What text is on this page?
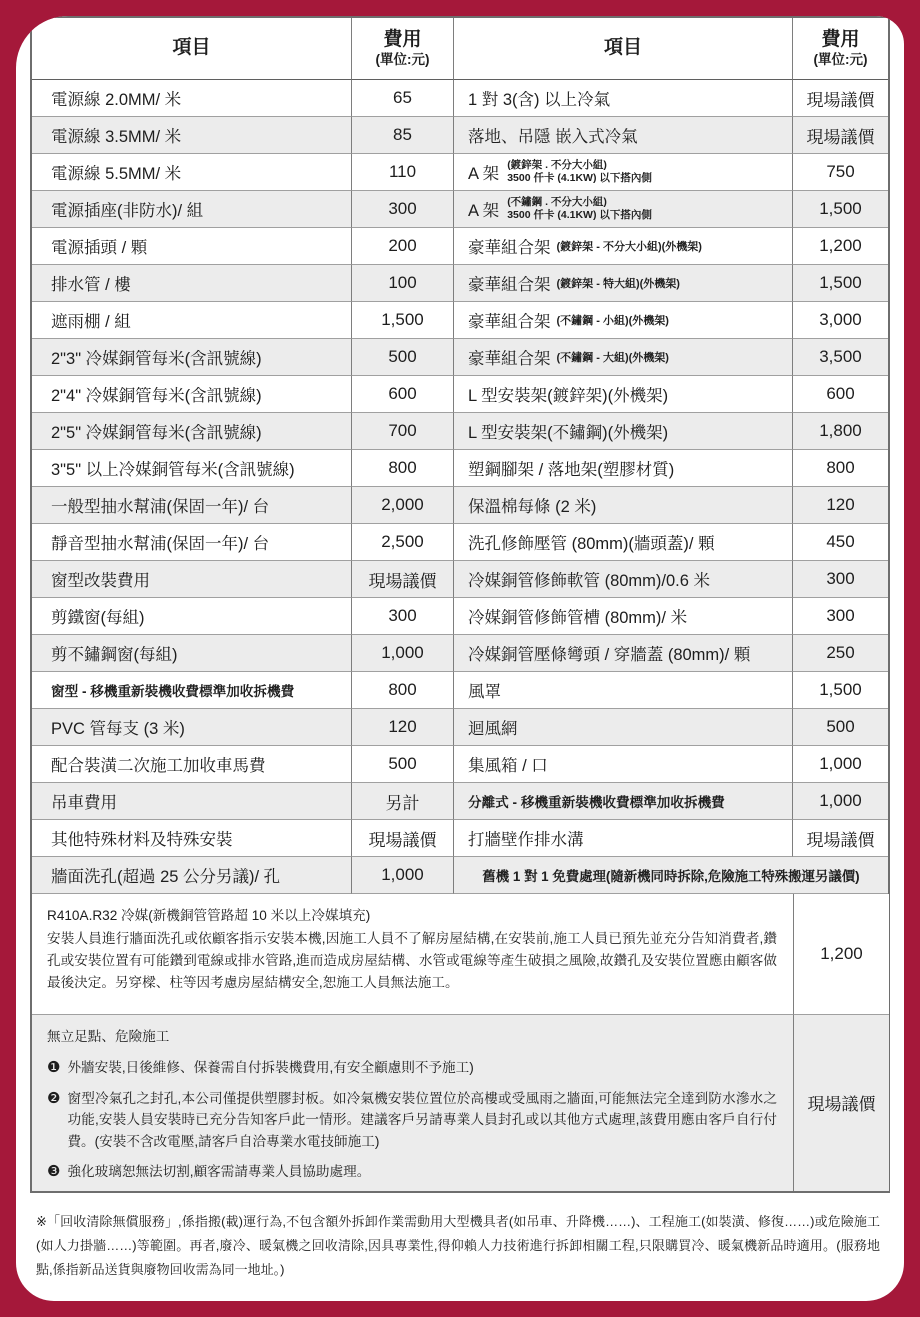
項目	費用
(單位:元)
項目	費用
(單位:元)
電源線 2.0MM/ 米	65	1 對 3(含) 以上冷氣	現場議價
電源線 3.5MM/ 米	85	落地、吊隱 嵌入式冷氣	現場議價
電源線 5.5MM/ 米	110	A 架
(鍍鋅架 . 不分大小組)
3500 仟卡 (4.1KW) 以下搭內側	750
電源插座(非防水)/ 組	300	A 架
(不鏽鋼 . 不分大小組)
3500 仟卡 (4.1KW) 以下搭內側	1,500
電源插頭 / 顆	200	豪華組合架 (鍍鋅架 - 不分大小組)(外機架)	1,200
排水管 / 樓	100	豪華組合架 (鍍鋅架 - 特大組)(外機架)	1,500
遮雨棚 / 組	1,500	豪華組合架 (不鏽鋼 - 小組)(外機架)	3,000
2"3" 冷媒銅管每米(含訊號線)	500	豪華組合架 (不鏽鋼 - 大組)(外機架)	3,500
2"4" 冷媒銅管每米(含訊號線)	600	L 型安裝架(鍍鋅架)(外機架)	600
2"5" 冷媒銅管每米(含訊號線)	700	L 型安裝架(不鏽鋼)(外機架)	1,800
3"5" 以上冷媒銅管每米(含訊號線)	800	塑鋼腳架 / 落地架(塑膠材質)	800
一般型抽水幫浦(保固一年)/ 台	2,000	保溫棉每條 (2 米)	120
靜音型抽水幫浦(保固一年)/ 台	2,500	洗孔修飾壓管 (80mm)(牆頭蓋)/ 顆	450
窗型改裝費用	現場議價	冷媒銅管修飾軟管 (80mm)/0.6 米	300
剪鐵窗(每組)	300	冷媒銅管修飾管槽 (80mm)/ 米	300
剪不鏽鋼窗(每組)	1,000	冷媒銅管壓條彎頭 / 穿牆蓋 (80mm)/ 顆	250
窗型 - 移機重新裝機收費標準加收拆機費	800	風罩	1,500
PVC 管每支 (3 米)	120	迴風網	500
配合裝潢二次施工加收車馬費	500	集風箱 / 口	1,000
吊車費用	另計	分離式 - 移機重新裝機收費標準加收拆機費	1,000
其他特殊材料及特殊安裝	現場議價	打牆壁作排水溝	現場議價
牆面洗孔(超過 25 公分另議)/ 孔	1,000	舊機 1 對 1 免費處理(隨新機同時拆除,危險施工特殊搬運另議價)
R410A.R32 冷媒(新機銅管管路超 10 米以上冷媒填充)
安裝人員進行牆面洗孔或依顧客指示安裝本機,因施工人員不了解房屋結構,在安裝前,施工人員已預先並充分告知消費者,鑽孔或安裝位置有可能鑽到電線或排水管路,進而造成房屋結構、水管或電線等產生破損之風險,故鑽孔及安裝位置應由顧客做最後決定。另穿樑、柱等因考慮房屋結構安全,恕施工人員無法施工。
1,200
無立足點、危險施工
❶ 外牆安裝,日後維修、保養需自付拆裝機費用,有安全顧慮則不予施工)
❷ 窗型冷氣孔之封孔,本公司僅提供塑膠封板。如冷氣機安裝位置位於高樓或受風雨之牆面,可能無法完全達到防水滲水之功能,安裝人員安裝時已充分告知客戶此一情形。建議客戶另請專業人員封孔或以其他方式處理,該費用應由客戶自行付費。(安裝不含改電壓,請客戶自洽專業水電技師施工)
❸ 強化玻璃恕無法切割,顧客需請專業人員協助處理。
現場議價
※「回收清除無償服務」,係指搬(載)運行為,不包含額外拆卸作業需動用大型機具者(如吊車、升降機……)、工程施工(如裝潢、修復……)或危險施工(如人力掛牆……)等範圍。再者,廢冷、暖氣機之回收清除,因具專業性,得仰賴人力技術進行拆卸相關工程,只限購買冷、暖氣機新品時適用。(服務地點,係指新品送貨與廢物回收需為同一地址。)
